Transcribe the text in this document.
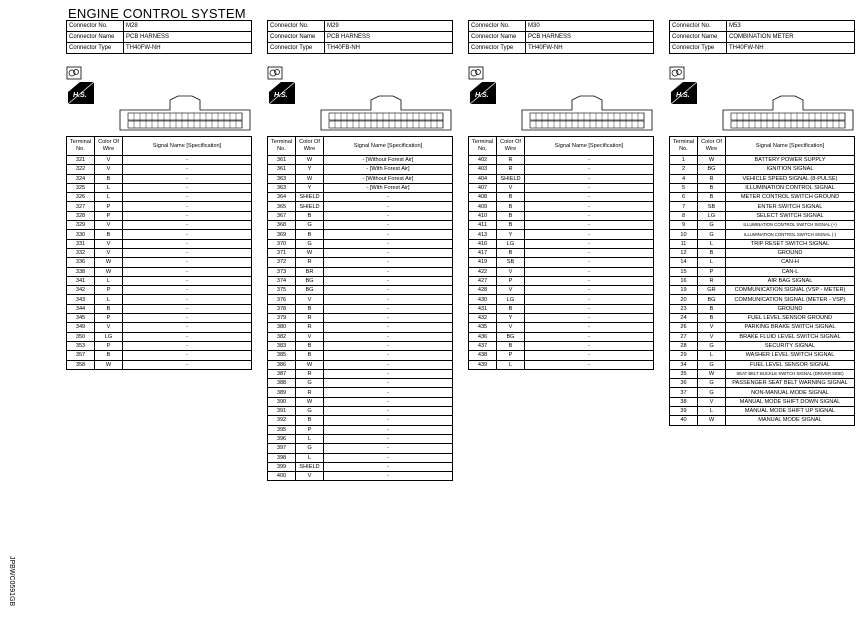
ENGINE CONTROL SYSTEM
Connector No.	M28
Connector Name	PCB HARNESS
Connector Type	TH40FW-NH
H.S.
Terminal No.	Color Of Wire	Signal Name [Specification]
321	V	-
322	V	-
324	B	-
325	L	-
326	L	-
327	P	-
328	P	-
329	V	-
330	B	-
331	V	-
332	V	-
336	W	-
338	W	-
341	L	-
342	P	-
343	L	-
344	B	-
345	P	-
349	V	-
350	LG	-
353	P	-
357	B	-
358	W	-
Connector No.	M29
Connector Name	PCB HARNESS
Connector Type	TH40FB-NH
H.S.
Terminal No.	Color Of Wire	Signal Name [Specification]
361	W	- [Without Forest Air]
361	Y	- [With Forest Air]
363	W	- [Without Forest Air]
363	Y	- [With Forest Air]
364	SHIELD	-
365	SHIELD	-
367	B	-
368	G	-
369	B	-
370	G	-
371	W	-
372	R	-
373	BR	-
374	BG	-
375	BG	-
376	V	-
378	B	-
379	R	-
380	R	-
382	V	-
383	B	-
385	B	-
386	W	-
387	R	-
388	G	-
389	R	-
390	W	-
391	G	-
392	B	-
395	P	-
396	L	-
397	G	-
398	L	-
399	SHIELD	-
400	V	-
Connector No.	M30
Connector Name	PCB HARNESS
Connector Type	TH40FW-NH
H.S.
Terminal No.	Color Of Wire	Signal Name [Specification]
402	R	-
403	R	-
404	SHIELD	-
407	V	-
408	B	-
409	B	-
410	B	-
411	B	-
413	Y	-
416	LG	-
417	B	-
419	SB	-
422	V	-
427	P	-
428	V	-
430	LG	-
431	B	-
432	Y	-
435	V	-
436	BG	-
437	B	-
438	P	-
439	L	-
Connector No.	M53
Connector Name	COMBINATION METER
Connector Type	TH40FW-NH
H.S.
Terminal No.	Color Of Wire	Signal Name [Specification]
1	W	BATTERY POWER SUPPLY
2	BG	IGNITION SIGNAL
4	R	VEHICLE SPEED SIGNAL (8-PULSE)
5	B	ILLUMINATION CONTROL SIGNAL
6	B	METER CONTROL SWITCH GROUND
7	SB	ENTER SWITCH SIGNAL
8	LG	SELECT SWITCH SIGNAL
9	G	ILLUMINATION CONTROL SWITCH SIGNAL (+)
10	G	ILLUMINATION CONTROL SWITCH SIGNAL (-)
11	L	TRIP RESET SWITCH SIGNAL
12	B	GROUND
14	L	CAN-H
15	P	CAN-L
16	R	AIR BAG SIGNAL
19	GR	COMMUNICATION SIGNAL (VSP - METER)
20	BG	COMMUNICATION SIGNAL (METER - VSP)
23	B	GROUND
24	B	FUEL LEVEL SENSOR GROUND
26	V	PARKING BRAKE SWITCH SIGNAL
27	V	BRAKE FLUID LEVEL SWITCH SIGNAL
28	G	SECURITY SIGNAL
29	L	WASHER LEVEL SWITCH SIGNAL
34	G	FUEL LEVEL SENSOR SIGNAL
35	W	SEAT BELT BUCKLE SWITCH SIGNAL (DRIVER SIDE)
36	G	PASSENGER SEAT BELT WARNING SIGNAL
37	G	NON-MANUAL MODE SIGNAL
38	V	MANUAL MODE SHIFT DOWN SIGNAL
39	L	MANUAL MODE SHIFT UP SIGNAL
40	W	MANUAL MODE SIGNAL
JPBWC0591GB
